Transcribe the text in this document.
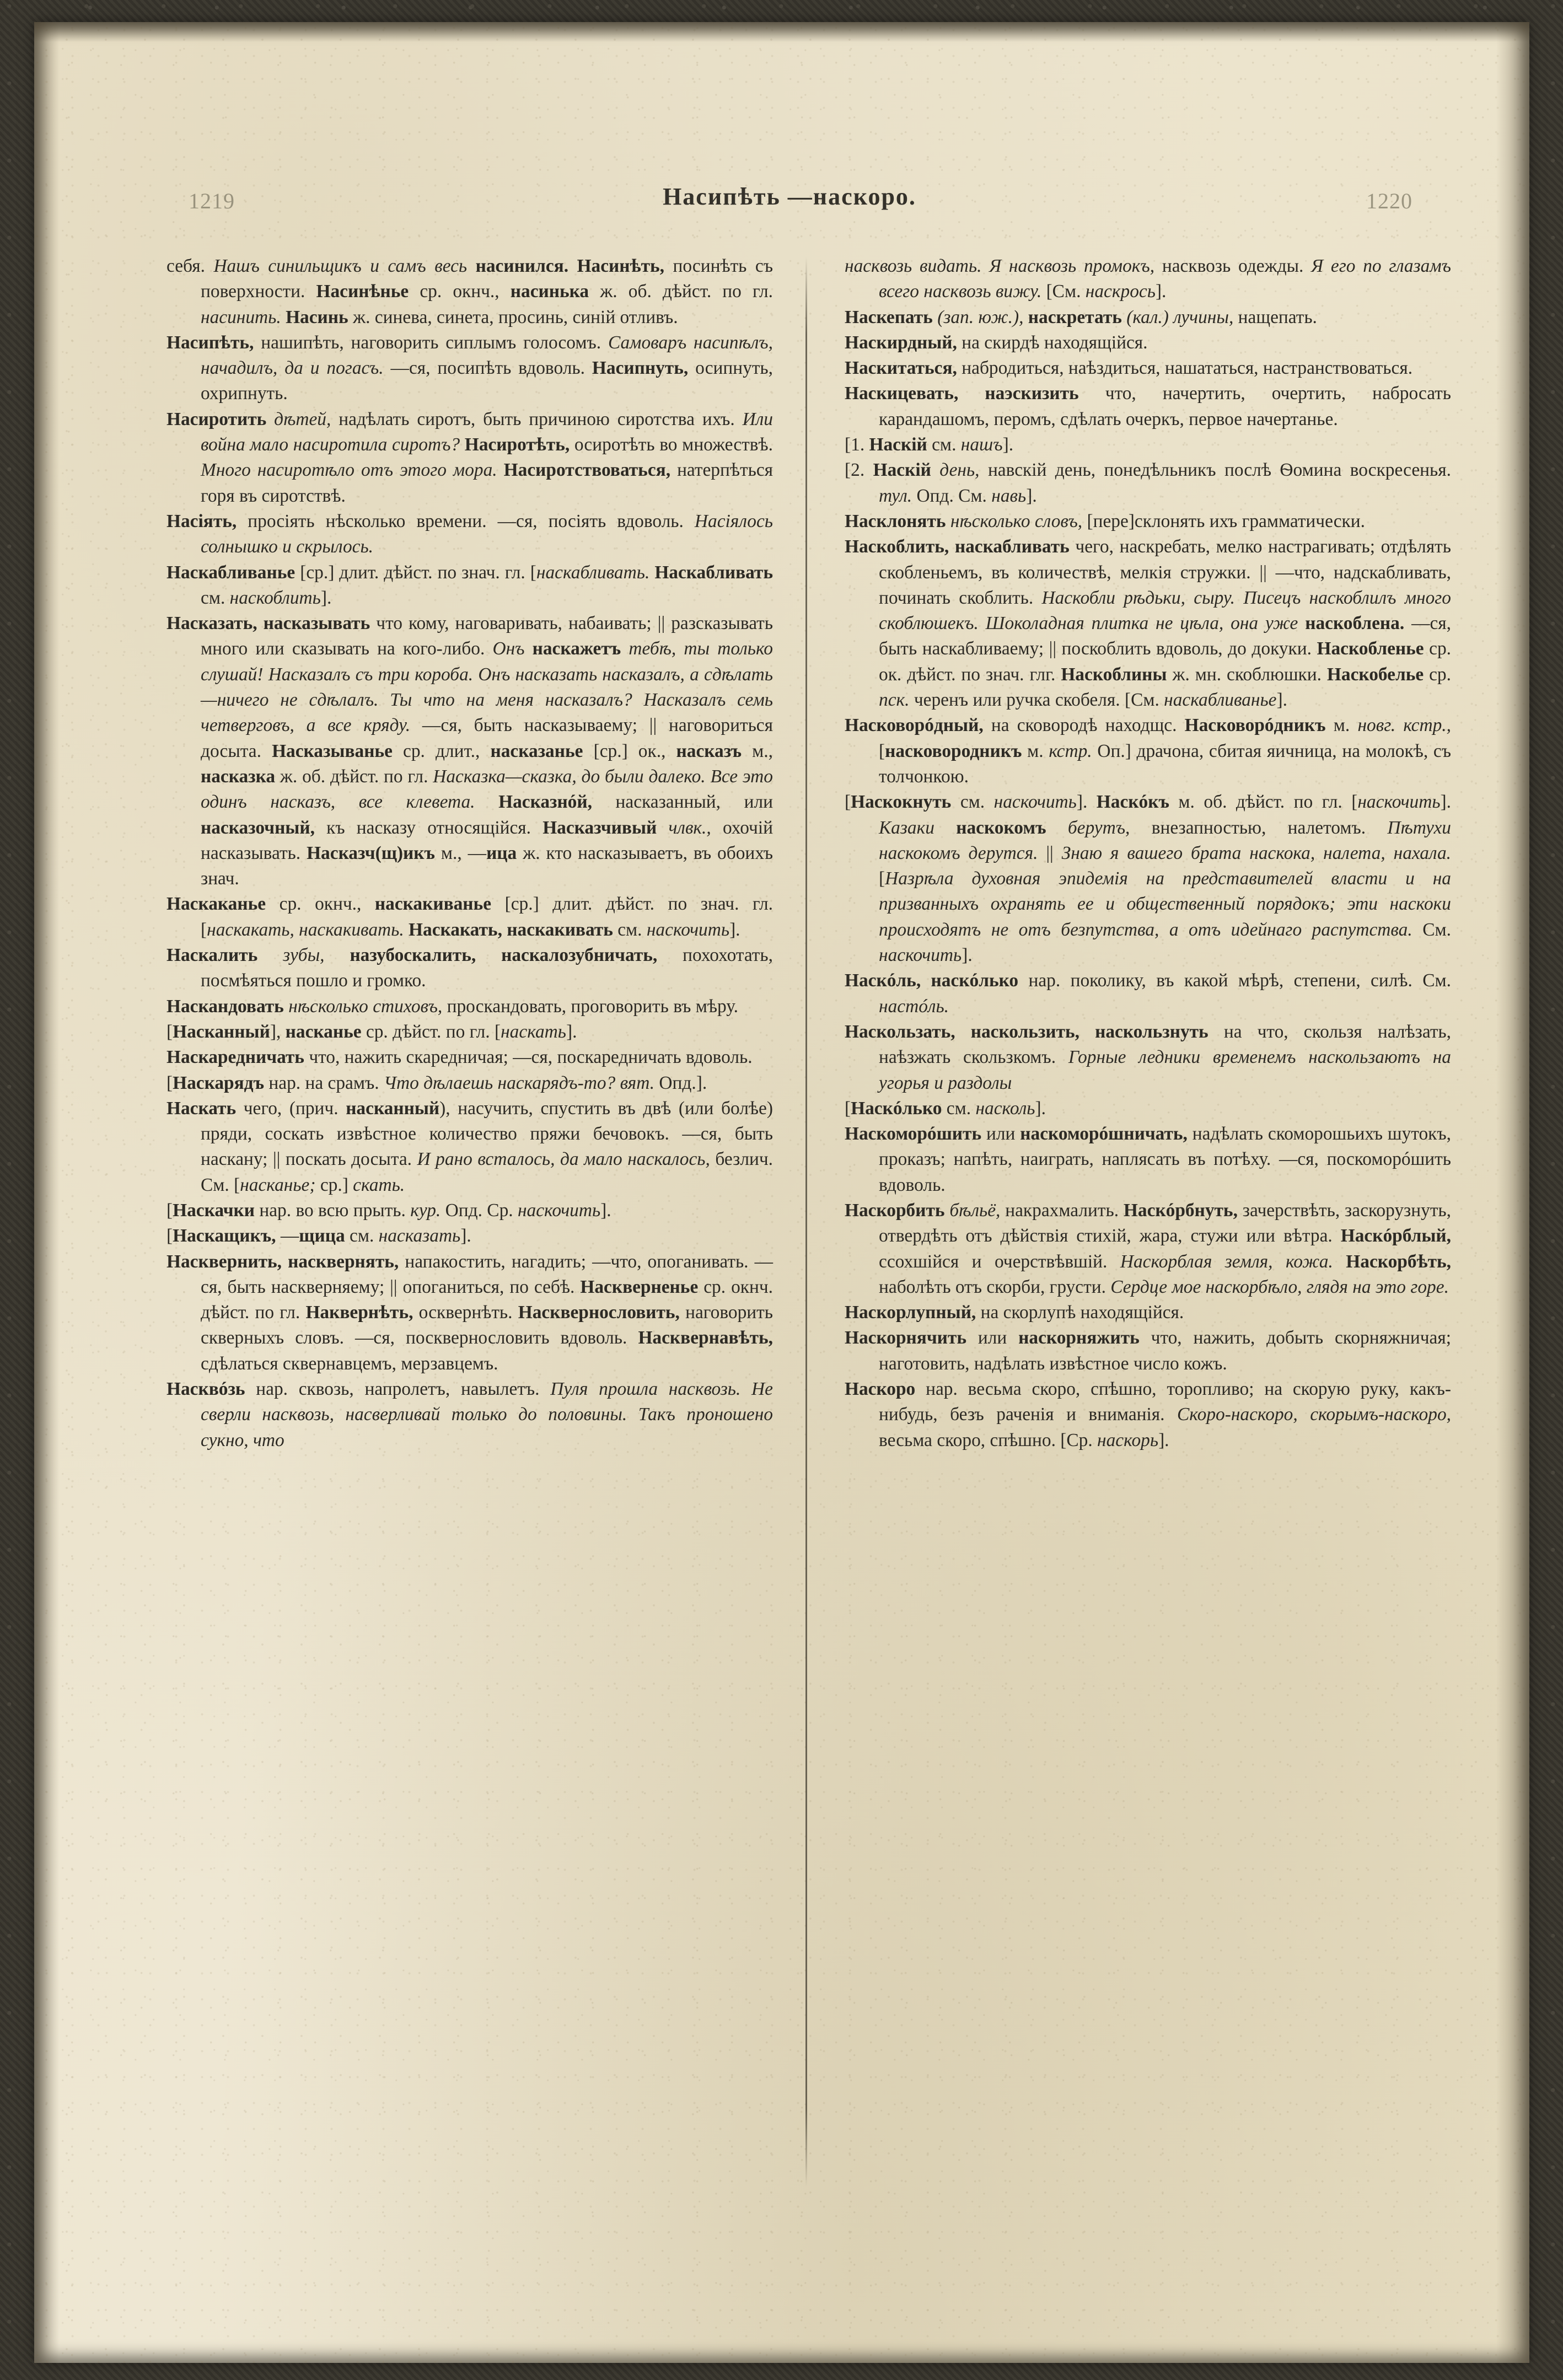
1219	Насипѣть —наскоро.	1220

себя. Нашъ синильщикъ и самъ весь насинился. Насинѣть, посинѣть съ поверхности. Насинѣнье ср. окнч., насинька ж. об. дѣйст. по гл. насинить. Насинь ж. синева, синета, просинь, синій отливъ.

Насипѣть, нашипѣть, наговорить сиплымъ голосомъ. Самоваръ насипѣлъ, начадилъ, да и погасъ. —ся, посипѣть вдоволь. Насипнуть, осипнуть, охрипнуть.

Насиротить дѣтей, надѣлать сиротъ, быть причиною сиротства ихъ. Или война мало насиротила сиротъ? Насиротѣть, осиротѣть во множествѣ. Много насиротѣло отъ этого мора. Насиротствоваться, натерпѣться горя въ сиротствѣ.

Насіять, просіять нѣсколько времени. —ся, посіять вдоволь. Насіялось солнышко и скрылось.

Наскабливанье [ср.] длит. дѣйст. по знач. гл. [наскабливать. Наскабливать см. наскоблить].

Насказать, насказывать что кому, наговаривать, набаивать; || разсказывать много или сказывать на кого-либо. Онъ наскажетъ тебѣ, ты только слушай! Насказалъ съ три короба. Онъ насказать насказалъ, а сдѣлать—ничего не сдѣлалъ. Ты что на меня насказалъ? Насказалъ семь четверговъ, а все кряду. —ся, быть насказываему; || наговориться досыта. Насказыванье ср. длит., насказанье [ср.] ок., насказъ м., насказка ж. об. дѣйст. по гл. Насказка—сказка, до были далеко. Все это одинъ насказъ, все клевета. Насказнóй, насказанный, или насказочный, къ насказу относящійся. Насказчивый члвк., охочій насказывать. Насказч(щ)икъ м., —ица ж. кто насказываетъ, въ обоихъ знач.

Наскаканье ср. окнч., наскакиванье [ср.] длит. дѣйст. по знач. гл. [наскакать, наскакивать. Наскакать, наскакивать см. наскочить].

Наскалить зубы, назубоскалить, наскалозубничать, похохотать, посмѣяться пошло и громко.

Наскандовать нѣсколько стиховъ, проскандовать, проговорить въ мѣру.

[Насканный], насканье ср. дѣйст. по гл. [наскать].

Наскаредничать что, нажить скаредничая; —ся, поскаредничать вдоволь.

[Наскарядъ нар. на срамъ. Что дѣлаешь наскарядъ-то? вят. Опд.].

Наскать чего, (прич. насканный), насучить, спустить въ двѣ (или болѣе) пряди, соскать извѣстное количество пряжи бечовокъ. —ся, быть наскану; || поскать досыта. И рано всталось, да мало наскалось, безлич. См. [насканье; ср.] скать.

[Наскачки нар. во всю прыть. кур. Опд. Ср. наскочить].

[Наскащикъ, —щица см. насказать].

Насквернить, насквернять, напакостить, нагадить; —что, опоганивать. —ся, быть наскверняему; || опоганиться, по себѣ. Наскверненье ср. окнч. дѣйст. по гл. Наквернѣть, осквернѣть. Насквернословить, наговорить скверныхъ словъ. —ся, посквернословить вдоволь. Насквернавѣть, сдѣлаться сквернавцемъ, мерзавцемъ.

Насквóзь нар. сквозь, напролетъ, навылетъ. Пуля прошла насквозь. Не сверли насквозь, насверливай только до половины. Такъ проношено сукно, что

насквозь видать. Я насквозь промокъ, насквозь одежды. Я его по глазамъ всего насквозь вижу. [См. наскрось].

Наскепать (зап. юж.), наскретать (кал.) лучины, нащепать.

Наскирдный, на скирдѣ находящійся.

Наскитаться, набродиться, наѣздиться, нашататься, настранствоваться.

Наскицевать, наэскизить что, начертить, очертить, набросать карандашомъ, перомъ, сдѣлать очеркъ, первое начертанье.

[1. Наскій см. нашъ].

[2. Наскій день, навскій день, понедѣльникъ послѣ Ѳомина воскресенья. тул. Опд. См. навь].

Насклонять нѣсколько словъ, [пере]склонять ихъ грамматически.

Наскоблить, наскабливать чего, наскребать, мелко настрагивать; отдѣлять скобленьемъ, въ количествѣ, мелкія стружки. || —что, надскабливать, починать скоблить. Наскобли рѣдьки, сыру. Писецъ наскоблилъ много скоблюшекъ. Шоколадная плитка не цѣла, она уже наскоблена. —ся, быть наскабливаему; || поскоблить вдоволь, до докуки. Наскобленье ср. ок. дѣйст. по знач. глг. Наскоблины ж. мн. скоблюшки. Наскобелье ср. пск. черенъ или ручка скобеля. [См. наскабливанье].

Насковорóдный, на сковородѣ находщс. Насковорóдникъ м. новг. кстр., [насковородникъ м. кстр. Оп.] драчона, сбитая яичница, на молокѣ, съ толчонкою.

[Наскокнуть см. наскочить]. Наскóкъ м. об. дѣйст. по гл. [наскочить]. Казаки наскокомъ берутъ, внезапностью, налетомъ. Пѣтухи наскокомъ дерутся. || Знаю я вашего брата наскока, налета, нахала. [Назрѣла духовная эпидемія на представителей власти и на призванныхъ охранять ее и общественный порядокъ; эти наскоки происходятъ не отъ безпутства, а отъ идейнаго распутства. См. наскочить].

Наскóль, наскóлько нар. поколику, въ какой мѣрѣ, степени, силѣ. См. настóль.

Наскользать, наскользить, наскользнуть на что, скользя налѣзать, наѣзжать скользкомъ. Горные ледники временемъ наскользаютъ на угорья и раздолы

[Наскóлько см. насколь].

Наскоморóшить или наскоморóшничать, надѣлать скоморошьихъ шутокъ, проказъ; напѣть, наиграть, наплясать въ потѣху. —ся, поскоморóшить вдоволь.

Наскорбить бѣльё, накрахмалить. Наскóрбнуть, зачерствѣть, заскорузнуть, отвердѣть отъ дѣйствія стихій, жара, стужи или вѣтра. Наскóрблый, ссохшійся и очерствѣвшій. Наскорблая земля, кожа. Наскорбѣть, наболѣть отъ скорби, грусти. Сердце мое наскорбѣло, глядя на это горе.

Наскорлупный, на скорлупѣ находящійся.

Наскорнячить или наскорняжить что, нажить, добыть скорняжничая; наготовить, надѣлать извѣстное число кожъ.

Наскоро нар. весьма скоро, спѣшно, торопливо; на скорую руку, какъ-нибудь, безъ раченія и вниманія. Скоро-наскоро, скорымъ-наскоро, весьма скоро, спѣшно. [Ср. наскорь].
